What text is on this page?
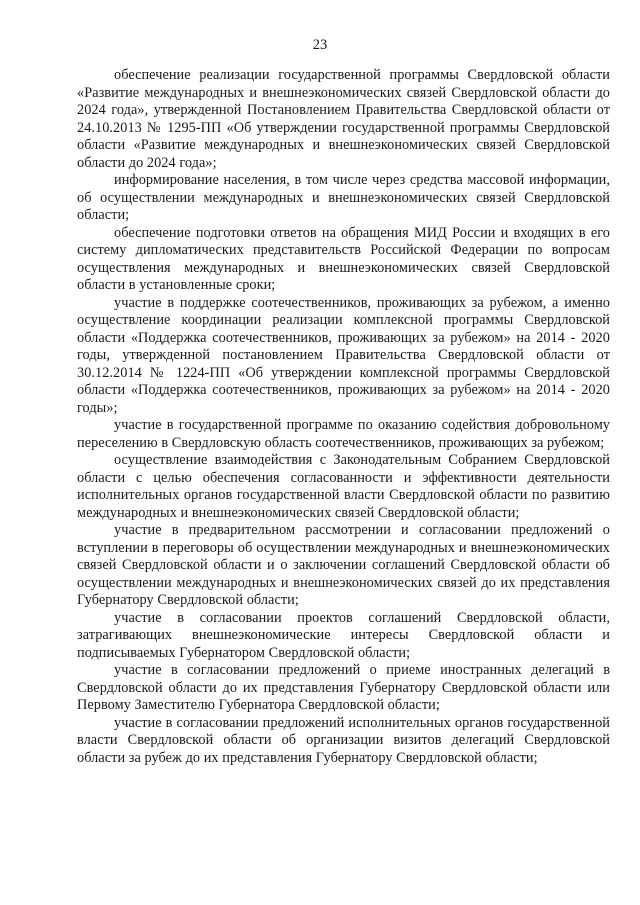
23

обеспечение реализации государственной программы Свердловской области «Развитие международных и внешнеэкономических связей Свердловской области до 2024 года», утвержденной Постановлением Правительства Свердловской области от 24.10.2013 № 1295-ПП «Об утверждении государственной программы Свердловской области «Развитие международных и внешнеэкономических связей Свердловской области до 2024 года»;

информирование населения, в том числе через средства массовой информации, об осуществлении международных и внешнеэкономических связей Свердловской области;

обеспечение подготовки ответов на обращения МИД России и входящих в его систему дипломатических представительств Российской Федерации по вопросам осуществления международных и внешнеэкономических связей Свердловской области в установленные сроки;

участие в поддержке соотечественников, проживающих за рубежом, а именно осуществление координации реализации комплексной программы Свердловской области «Поддержка соотечественников, проживающих за рубежом» на 2014 - 2020 годы, утвержденной постановлением Правительства Свердловской области от 30.12.2014 № 1224-ПП «Об утверждении комплексной программы Свердловской области «Поддержка соотечественников, проживающих за рубежом» на 2014 - 2020 годы»;

участие в государственной программе по оказанию содействия добровольному переселению в Свердловскую область соотечественников, проживающих за рубежом;

осуществление взаимодействия с Законодательным Собранием Свердловской области с целью обеспечения согласованности и эффективности деятельности исполнительных органов государственной власти Свердловской области по развитию международных и внешнеэкономических связей Свердловской области;

участие в предварительном рассмотрении и согласовании предложений о вступлении в переговоры об осуществлении международных и внешнеэкономических связей Свердловской области и о заключении соглашений Свердловской области об осуществлении международных и внешнеэкономических связей до их представления Губернатору Свердловской области;

участие в согласовании проектов соглашений Свердловской области, затрагивающих внешнеэкономические интересы Свердловской области и подписываемых Губернатором Свердловской области;

участие в согласовании предложений о приеме иностранных делегаций в Свердловской области до их представления Губернатору Свердловской области или Первому Заместителю Губернатора Свердловской области;

участие в согласовании предложений исполнительных органов государственной власти Свердловской области об организации визитов делегаций Свердловской области за рубеж до их представления Губернатору Свердловской области;
